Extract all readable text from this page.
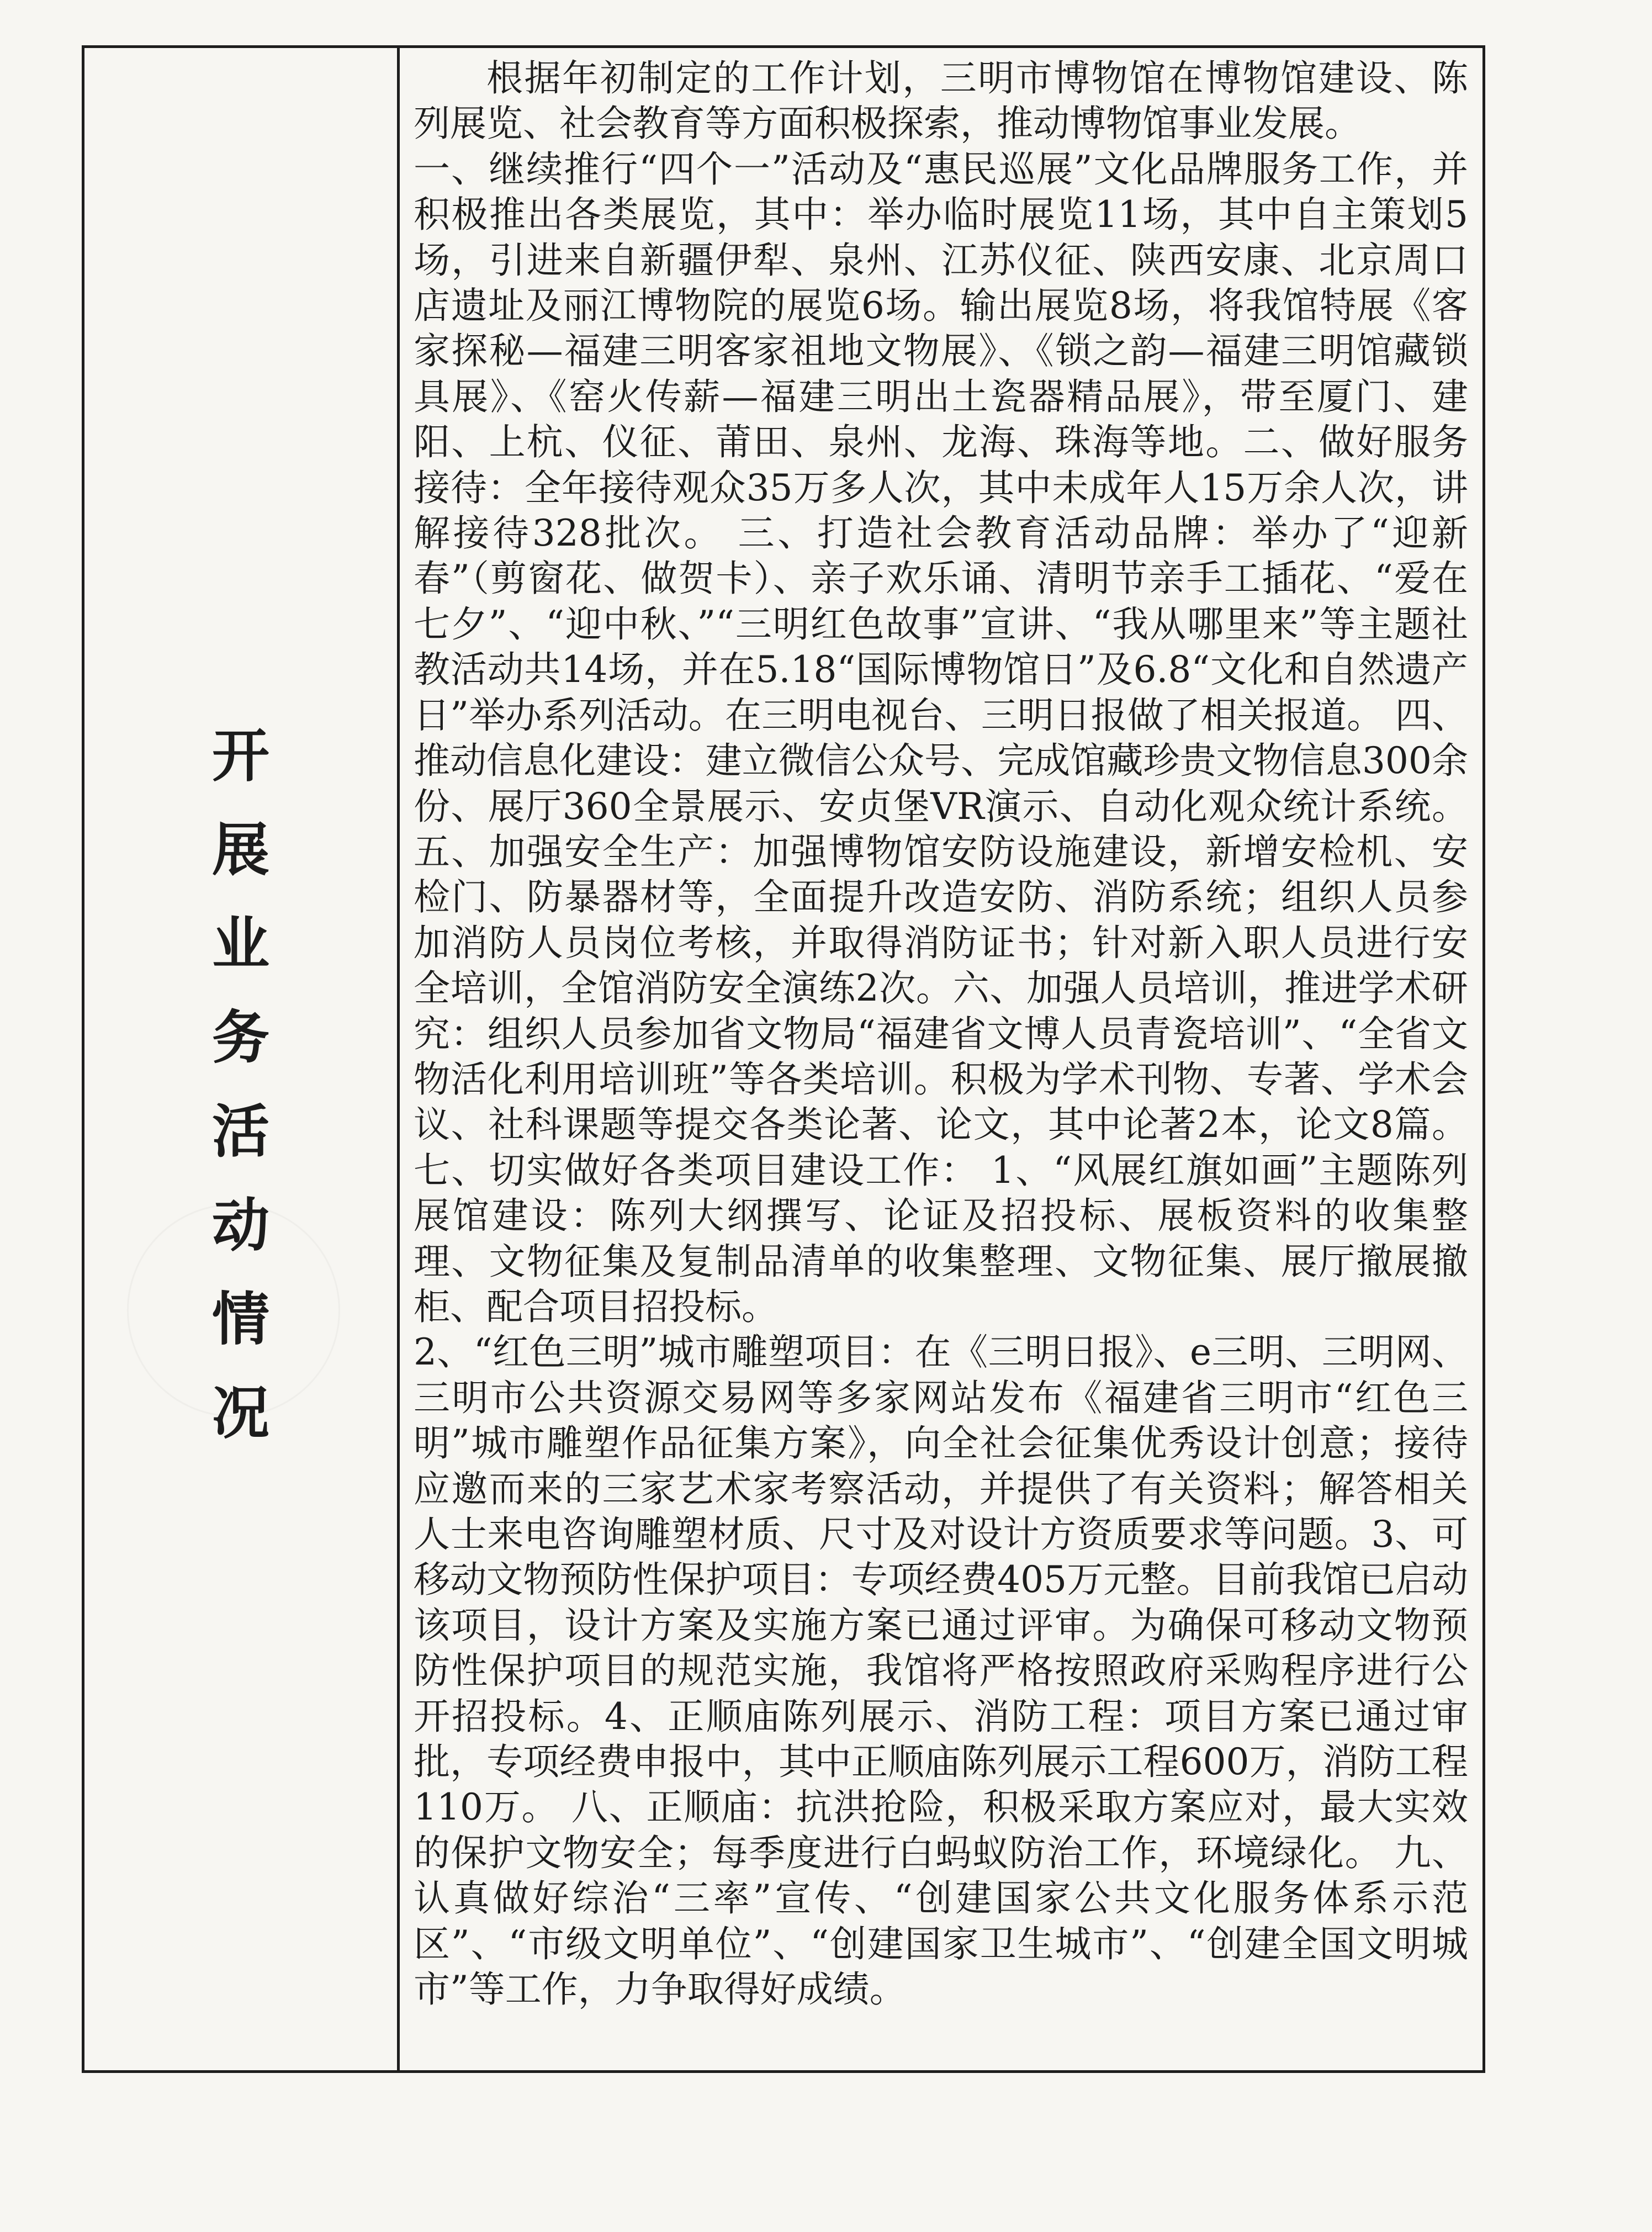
开
展
业
务
活
动
情
况

根据年初制定的工作计划，三明市博物馆在博物馆建设、陈列展览、社会教育等方面积极探索，推动博物馆事业发展。

一、继续推行“四个一”活动及“惠民巡展”文化品牌服务工作，并积极推出各类展览，其中：举办临时展览11场，其中自主策划5场，引进来自新疆伊犁、泉州、江苏仪征、陕西安康、北京周口店遗址及丽江博物院的展览6场。输出展览8场，将我馆特展《客家探秘—福建三明客家祖地文物展》、《锁之韵—福建三明馆藏锁具展》、《窑火传薪—福建三明出土瓷器精品展》，带至厦门、建阳、上杭、仪征、莆田、泉州、龙海、珠海等地。二、做好服务接待：全年接待观众35万多人次，其中未成年人15万余人次，讲解接待328批次。 三、打造社会教育活动品牌：举办了“迎新春”（剪窗花、做贺卡）、亲子欢乐诵、清明节亲手工插花、“爱在七夕”、“迎中秋、”“三明红色故事”宣讲、“我从哪里来”等主题社教活动共14场，并在5.18“国际博物馆日”及6.8“文化和自然遗产日”举办系列活动。在三明电视台、三明日报做了相关报道。 四、推动信息化建设：建立微信公众号、完成馆藏珍贵文物信息300余份、展厅360全景展示、安贞堡VR演示、自动化观众统计系统。 五、加强安全生产：加强博物馆安防设施建设，新增安检机、安检门、防暴器材等，全面提升改造安防、消防系统；组织人员参加消防人员岗位考核，并取得消防证书；针对新入职人员进行安全培训，全馆消防安全演练2次。六、加强人员培训，推进学术研究：组织人员参加省文物局“福建省文博人员青瓷培训”、“全省文物活化利用培训班”等各类培训。积极为学术刊物、专著、学术会议、社科课题等提交各类论著、论文，其中论著2本，论文8篇。 七、切实做好各类项目建设工作： 1、“风展红旗如画”主题陈列展馆建设：陈列大纲撰写、论证及招投标、展板资料的收集整理、文物征集及复制品清单的收集整理、文物征集、展厅撤展撤柜、配合项目招投标。

2、“红色三明”城市雕塑项目：在《三明日报》、e三明、三明网、三明市公共资源交易网等多家网站发布《福建省三明市“红色三明”城市雕塑作品征集方案》，向全社会征集优秀设计创意；接待应邀而来的三家艺术家考察活动，并提供了有关资料；解答相关人士来电咨询雕塑材质、尺寸及对设计方资质要求等问题。3、可移动文物预防性保护项目：专项经费405万元整。目前我馆已启动该项目，设计方案及实施方案已通过评审。为确保可移动文物预防性保护项目的规范实施，我馆将严格按照政府采购程序进行公开招投标。4、正顺庙陈列展示、消防工程：项目方案已通过审批，专项经费申报中，其中正顺庙陈列展示工程600万，消防工程110万。 八、正顺庙：抗洪抢险，积极采取方案应对，最大实效的保护文物安全；每季度进行白蚂蚁防治工作，环境绿化。 九、认真做好综治“三率”宣传、“创建国家公共文化服务体系示范区”、“市级文明单位”、“创建国家卫生城市”、“创建全国文明城市”等工作，力争取得好成绩。
